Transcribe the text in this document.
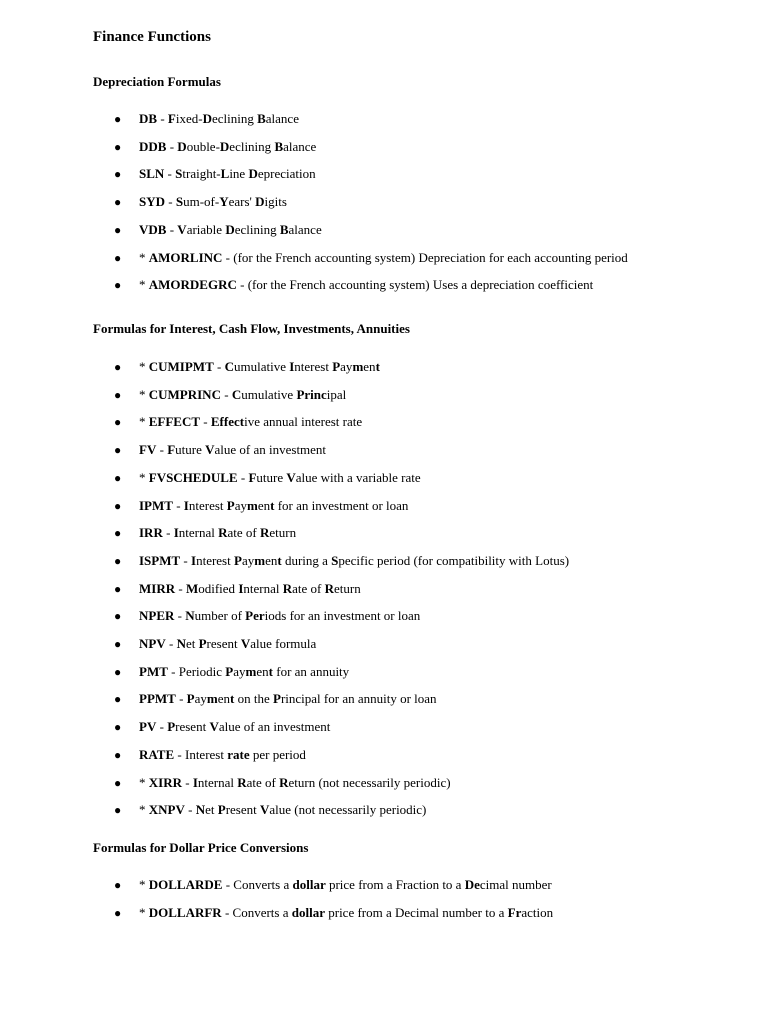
Finance Functions
Depreciation Formulas
● DB - Fixed-Declining Balance
● DDB - Double-Declining Balance
● SLN - Straight-Line Depreciation
● SYD - Sum-of-Years' Digits
● VDB - Variable Declining Balance
● * AMORLINC - (for the French accounting system) Depreciation for each accounting period
● * AMORDEGRC - (for the French accounting system) Uses a depreciation coefficient
Formulas for Interest, Cash Flow, Investments, Annuities
● * CUMIPMT - Cumulative Interest Payment
● * CUMPRINC - Cumulative Principal
● * EFFECT - Effective annual interest rate
● FV - Future Value of an investment
● * FVSCHEDULE - Future Value with a variable rate
● IPMT - Interest Payment for an investment or loan
● IRR - Internal Rate of Return
● ISPMT - Interest Payment during a Specific period (for compatibility with Lotus)
● MIRR - Modified Internal Rate of Return
● NPER - Number of Periods for an investment or loan
● NPV - Net Present Value formula
● PMT - Periodic Payment for an annuity
● PPMT - Payment on the Principal for an annuity or loan
● PV - Present Value of an investment
● RATE - Interest rate per period
● * XIRR - Internal Rate of Return (not necessarily periodic)
● * XNPV - Net Present Value (not necessarily periodic)
Formulas for Dollar Price Conversions
● * DOLLARDE - Converts a dollar price from a Fraction to a Decimal number
● * DOLLARFR - Converts a dollar price from a Decimal number to a Fraction
